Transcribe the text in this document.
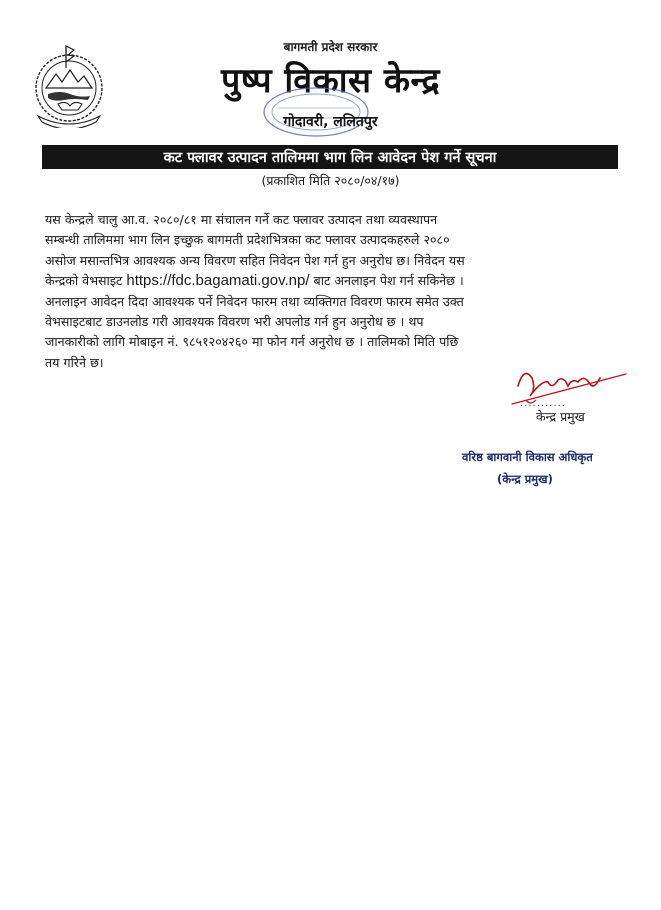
बागमती प्रदेश सरकार
पुष्प विकास केन्द्र
गोदावरी, ललितपुर
कट फ्लावर उत्पादन तालिममा भाग लिन आवेदन पेश गर्ने सूचना
(प्रकाशित मिति २०८०/०४/१७)
यस केन्द्रले चालु आ.व. २०८०/८१ मा संचालन गर्ने कट फ्लावर उत्पादन तथा व्यवस्थापन
सम्बन्धी तालिममा भाग लिन इच्छुक बागमती प्रदेशभित्रका कट फ्लावर उत्पादकहरुले २०८०
असोज मसान्तभित्र आवश्यक अन्य विवरण सहित निवेदन पेश गर्न हुन अनुरोध छ। निवेदन यस
केन्द्रको वेभसाइट https://fdc.bagamati.gov.np/ बाट अनलाइन पेश गर्न सकिनेछ ।
अनलाइन आवेदन दिदा आवश्यक पर्ने निवेदन फारम तथा व्यक्तिगत विवरण फारम समेत उक्त
वेभसाइटबाट डाउनलोड गरी आवश्यक विवरण भरी अपलोड गर्न हुन अनुरोध छ । थप
जानकारीको लागि मोबाइन नं. ९८५१२०४२६० मा फोन गर्न अनुरोध छ । तालिमको मिति पछि
तय गरिने छ।
...........
केन्द्र प्रमुख
वरिष्ठ बागवानी विकास अधिकृत
(केन्द्र प्रमुख)
